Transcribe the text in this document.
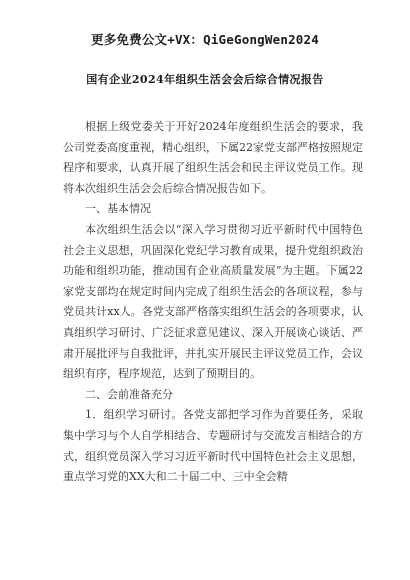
更多免费公文+VX：QiGeGongWen2024
国有企业2024年组织生活会会后综合情况报告

根据上级党委关于开好2024年度组织生活会的要求，我公司党委高度重视，精心组织，下属22家党支部严格按照规定程序和要求，认真开展了组织生活会和民主评议党员工作。现将本次组织生活会会后综合情况报告如下。

一、基本情况

本次组织生活会以“深入学习贯彻习近平新时代中国特色社会主义思想，巩固深化党纪学习教育成果，提升党组织政治功能和组织功能，推动国有企业高质量发展”为主题。下属22家党支部均在规定时间内完成了组织生活会的各项议程，参与党员共计xx人。各党支部严格落实组织生活会的各项要求，认真组织学习研讨、广泛征求意见建议、深入开展谈心谈话、严肃开展批评与自我批评，并扎实开展民主评议党员工作，会议组织有序，程序规范，达到了预期目的。

二、会前准备充分

1．组织学习研讨。各党支部把学习作为首要任务，采取集中学习与个人自学相结合、专题研讨与交流发言相结合的方式，组织党员深入学习习近平新时代中国特色社会主义思想，重点学习党的XX大和二十届二中、三中全会精
